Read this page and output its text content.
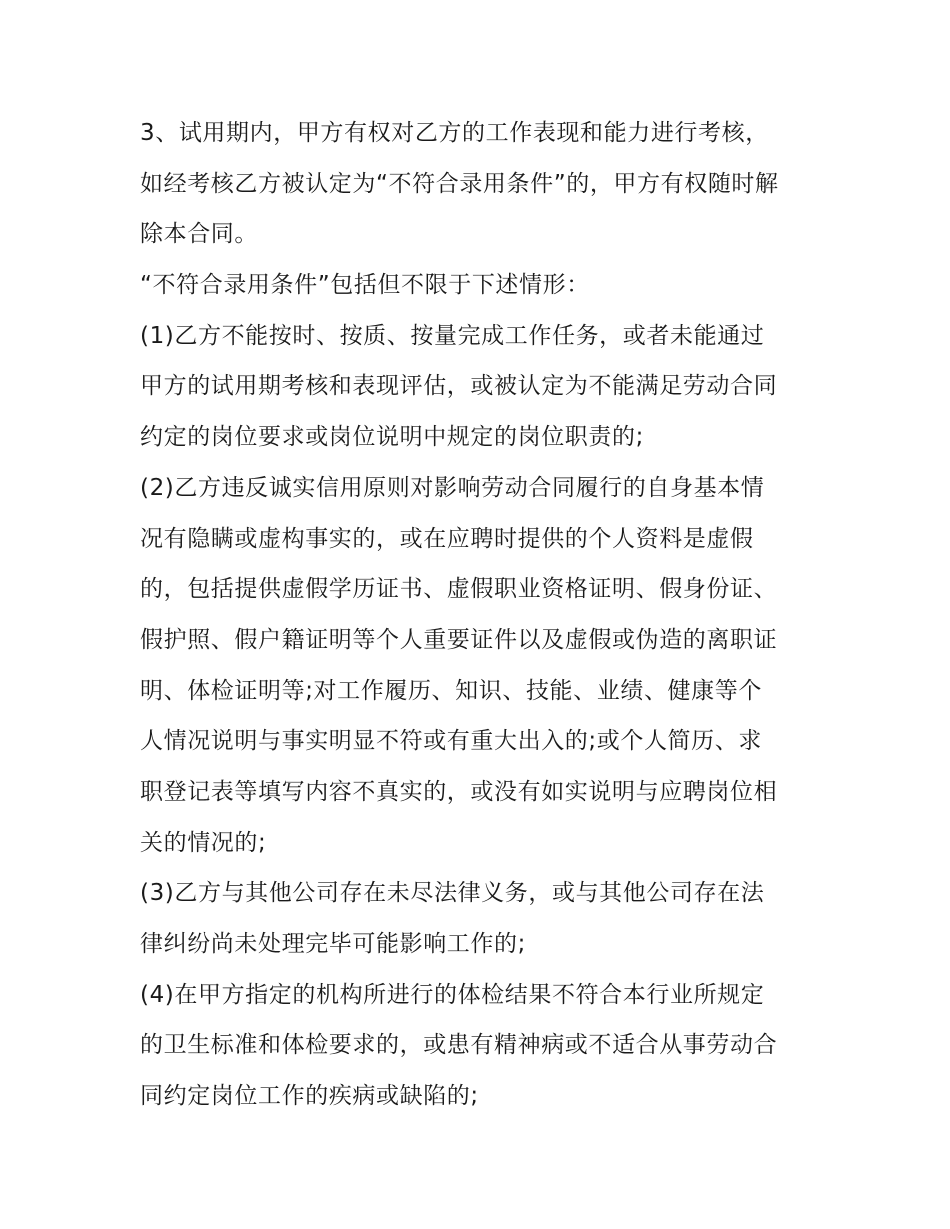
3、试用期内，甲方有权对乙方的工作表现和能力进行考核，
如经考核乙方被认定为“不符合录用条件”的，甲方有权随时解
除本合同。
“不符合录用条件”包括但不限于下述情形：
(1)乙方不能按时、按质、按量完成工作任务，或者未能通过
甲方的试用期考核和表现评估，或被认定为不能满足劳动合同
约定的岗位要求或岗位说明中规定的岗位职责的;
(2)乙方违反诚实信用原则对影响劳动合同履行的自身基本情
况有隐瞒或虚构事实的，或在应聘时提供的个人资料是虚假
的，包括提供虚假学历证书、虚假职业资格证明、假身份证、
假护照、假户籍证明等个人重要证件以及虚假或伪造的离职证
明、体检证明等;对工作履历、知识、技能、业绩、健康等个
人情况说明与事实明显不符或有重大出入的;或个人简历、求
职登记表等填写内容不真实的，或没有如实说明与应聘岗位相
关的情况的;
(3)乙方与其他公司存在未尽法律义务，或与其他公司存在法
律纠纷尚未处理完毕可能影响工作的;
(4)在甲方指定的机构所进行的体检结果不符合本行业所规定
的卫生标准和体检要求的，或患有精神病或不适合从事劳动合
同约定岗位工作的疾病或缺陷的;
